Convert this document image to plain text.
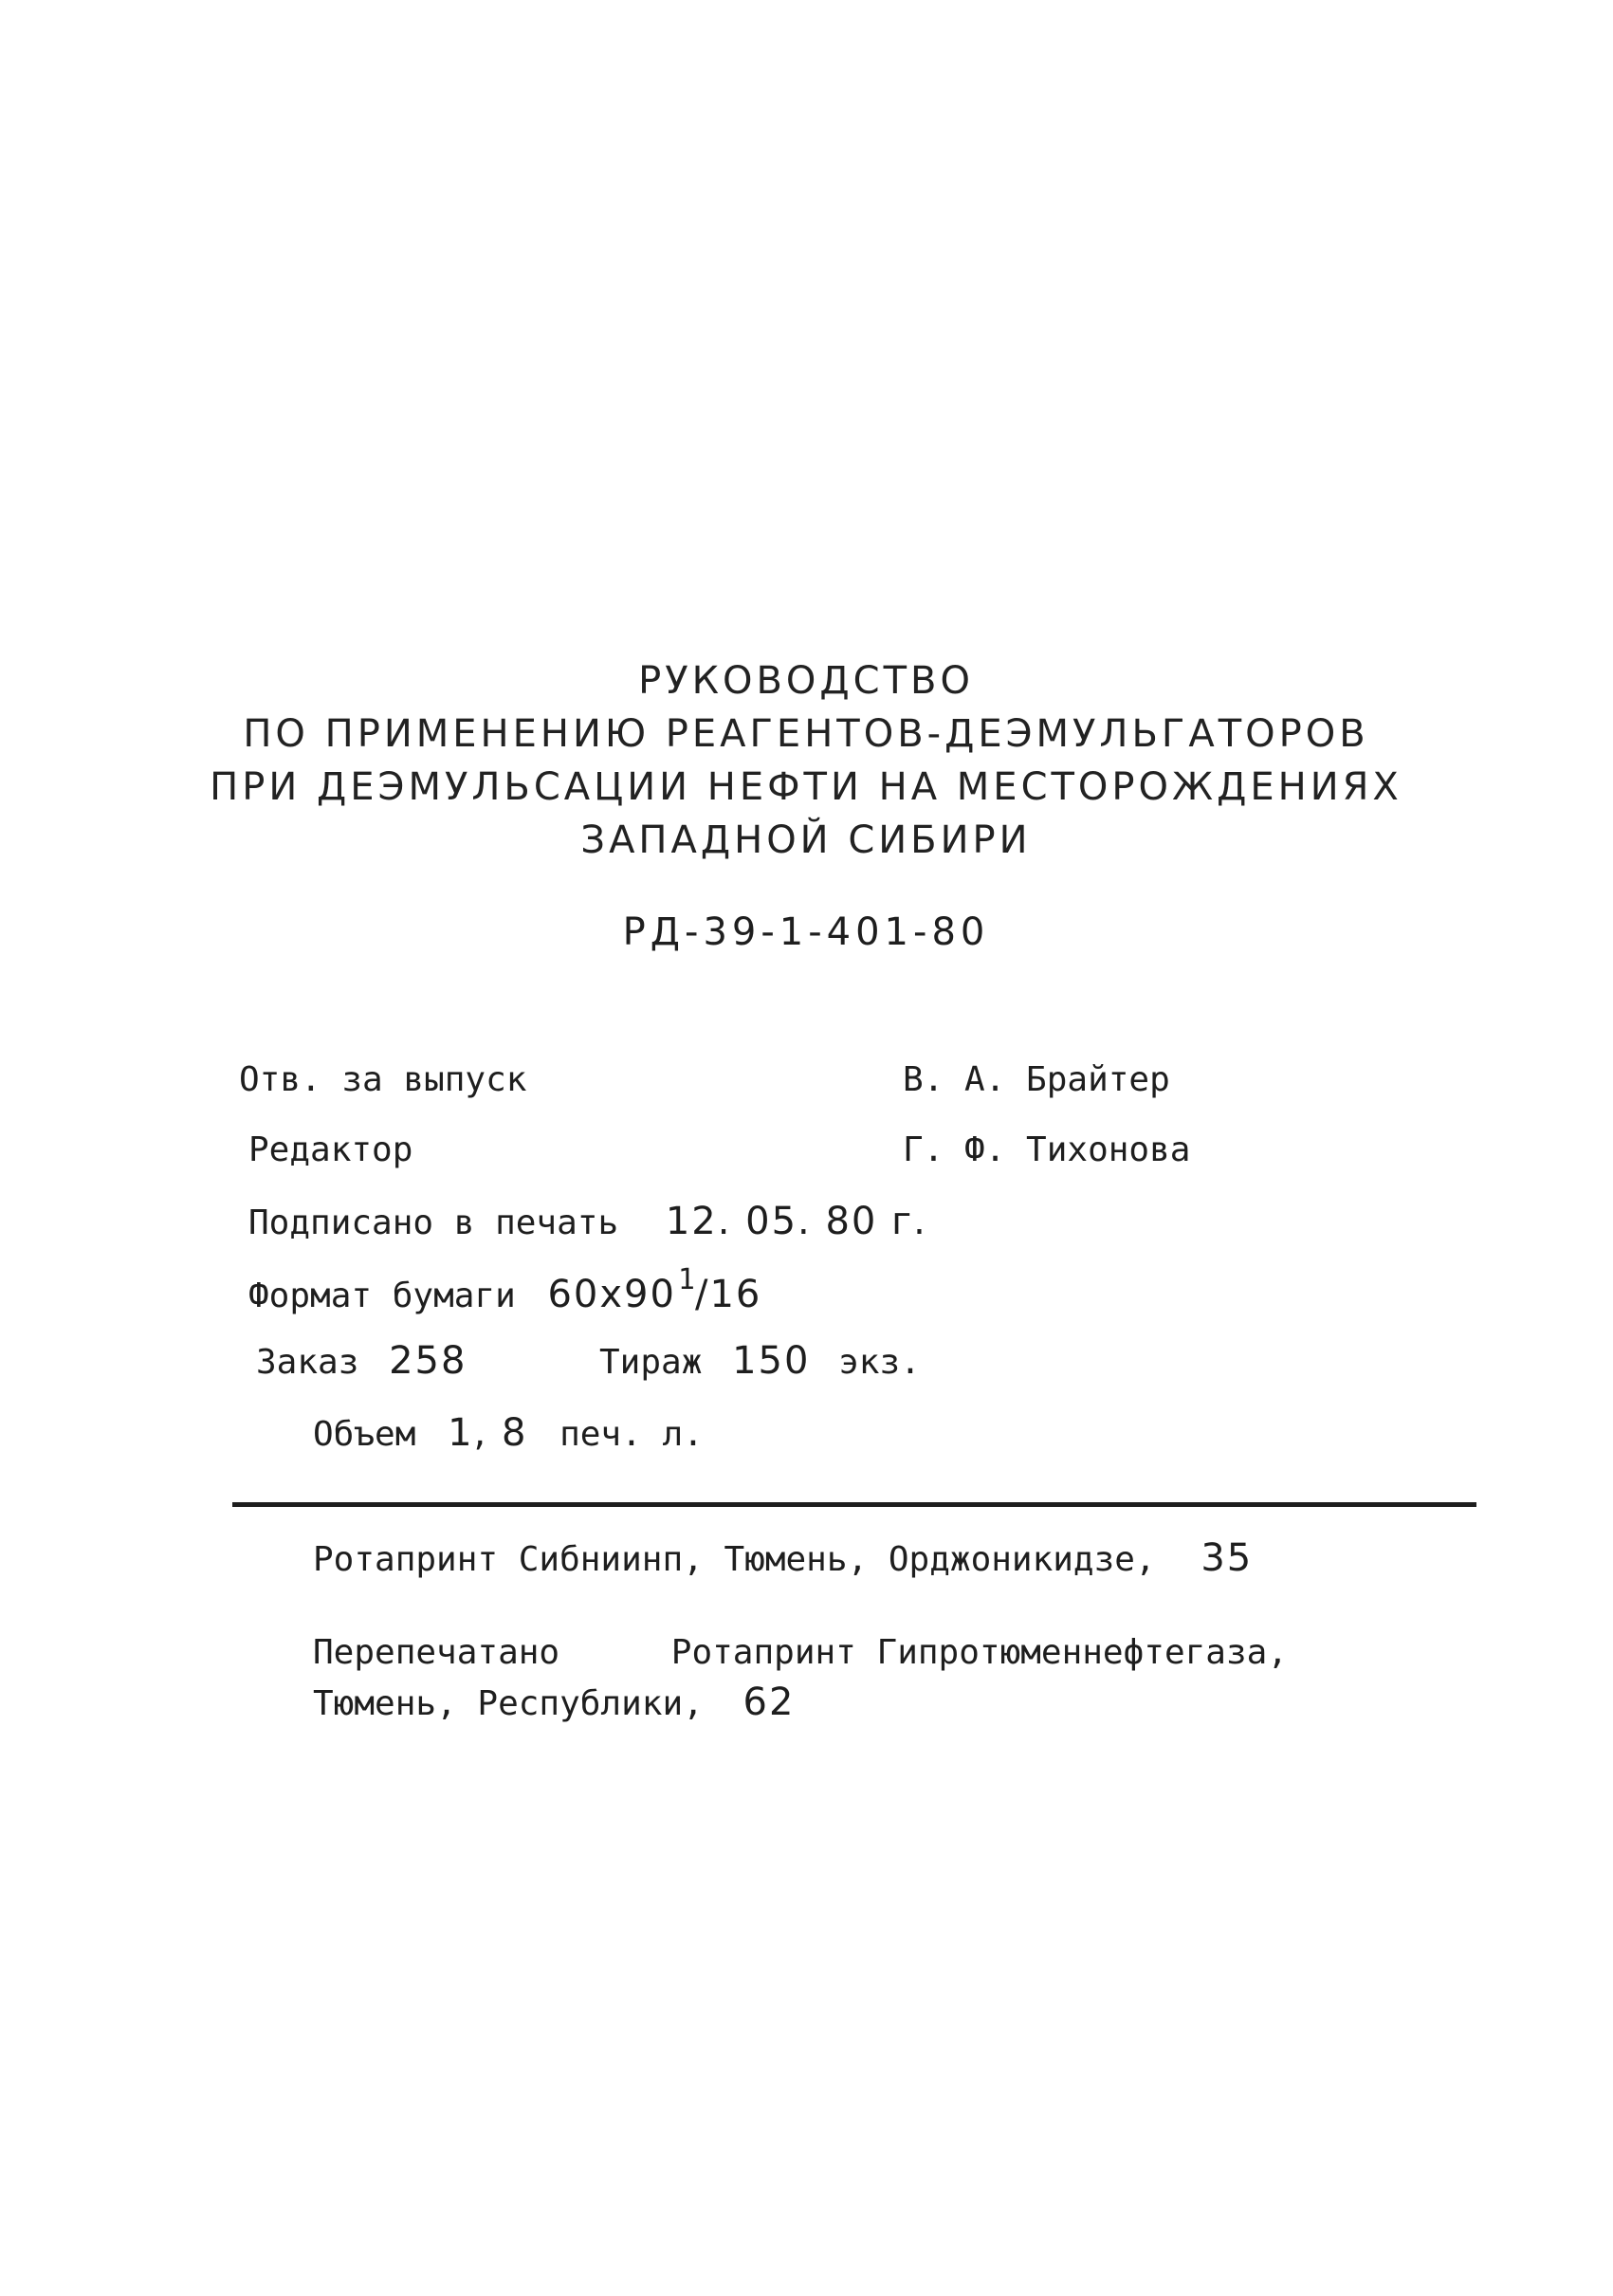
РУКОВОДСТВО
ПО ПРИМЕНЕНИЮ РЕАГЕНТОВ-ДЕЭМУЛЬГАТОРОВ
ПРИ ДЕЭМУЛЬСАЦИИ НЕФТИ НА МЕСТОРОЖДЕНИЯХ
ЗАПАДНОЙ СИБИРИ
РД-39-1-401-80
Отв. за выпуск	В. А. Брайтер
Редактор	Г. Ф. Тихонова
Подписано в печать 12. 05. 80 г.
Формат бумаги $60x90^1/16$
Заказ 258	Тираж 150 экз.
Объем 1, 8 печ. л.
Ротапринт Сибниинп, Тюмень, Орджоникидзе, 35
Перепечатано	Ротапринт Гипротюменнефтегаза,
Тюмень, Республики, 62
